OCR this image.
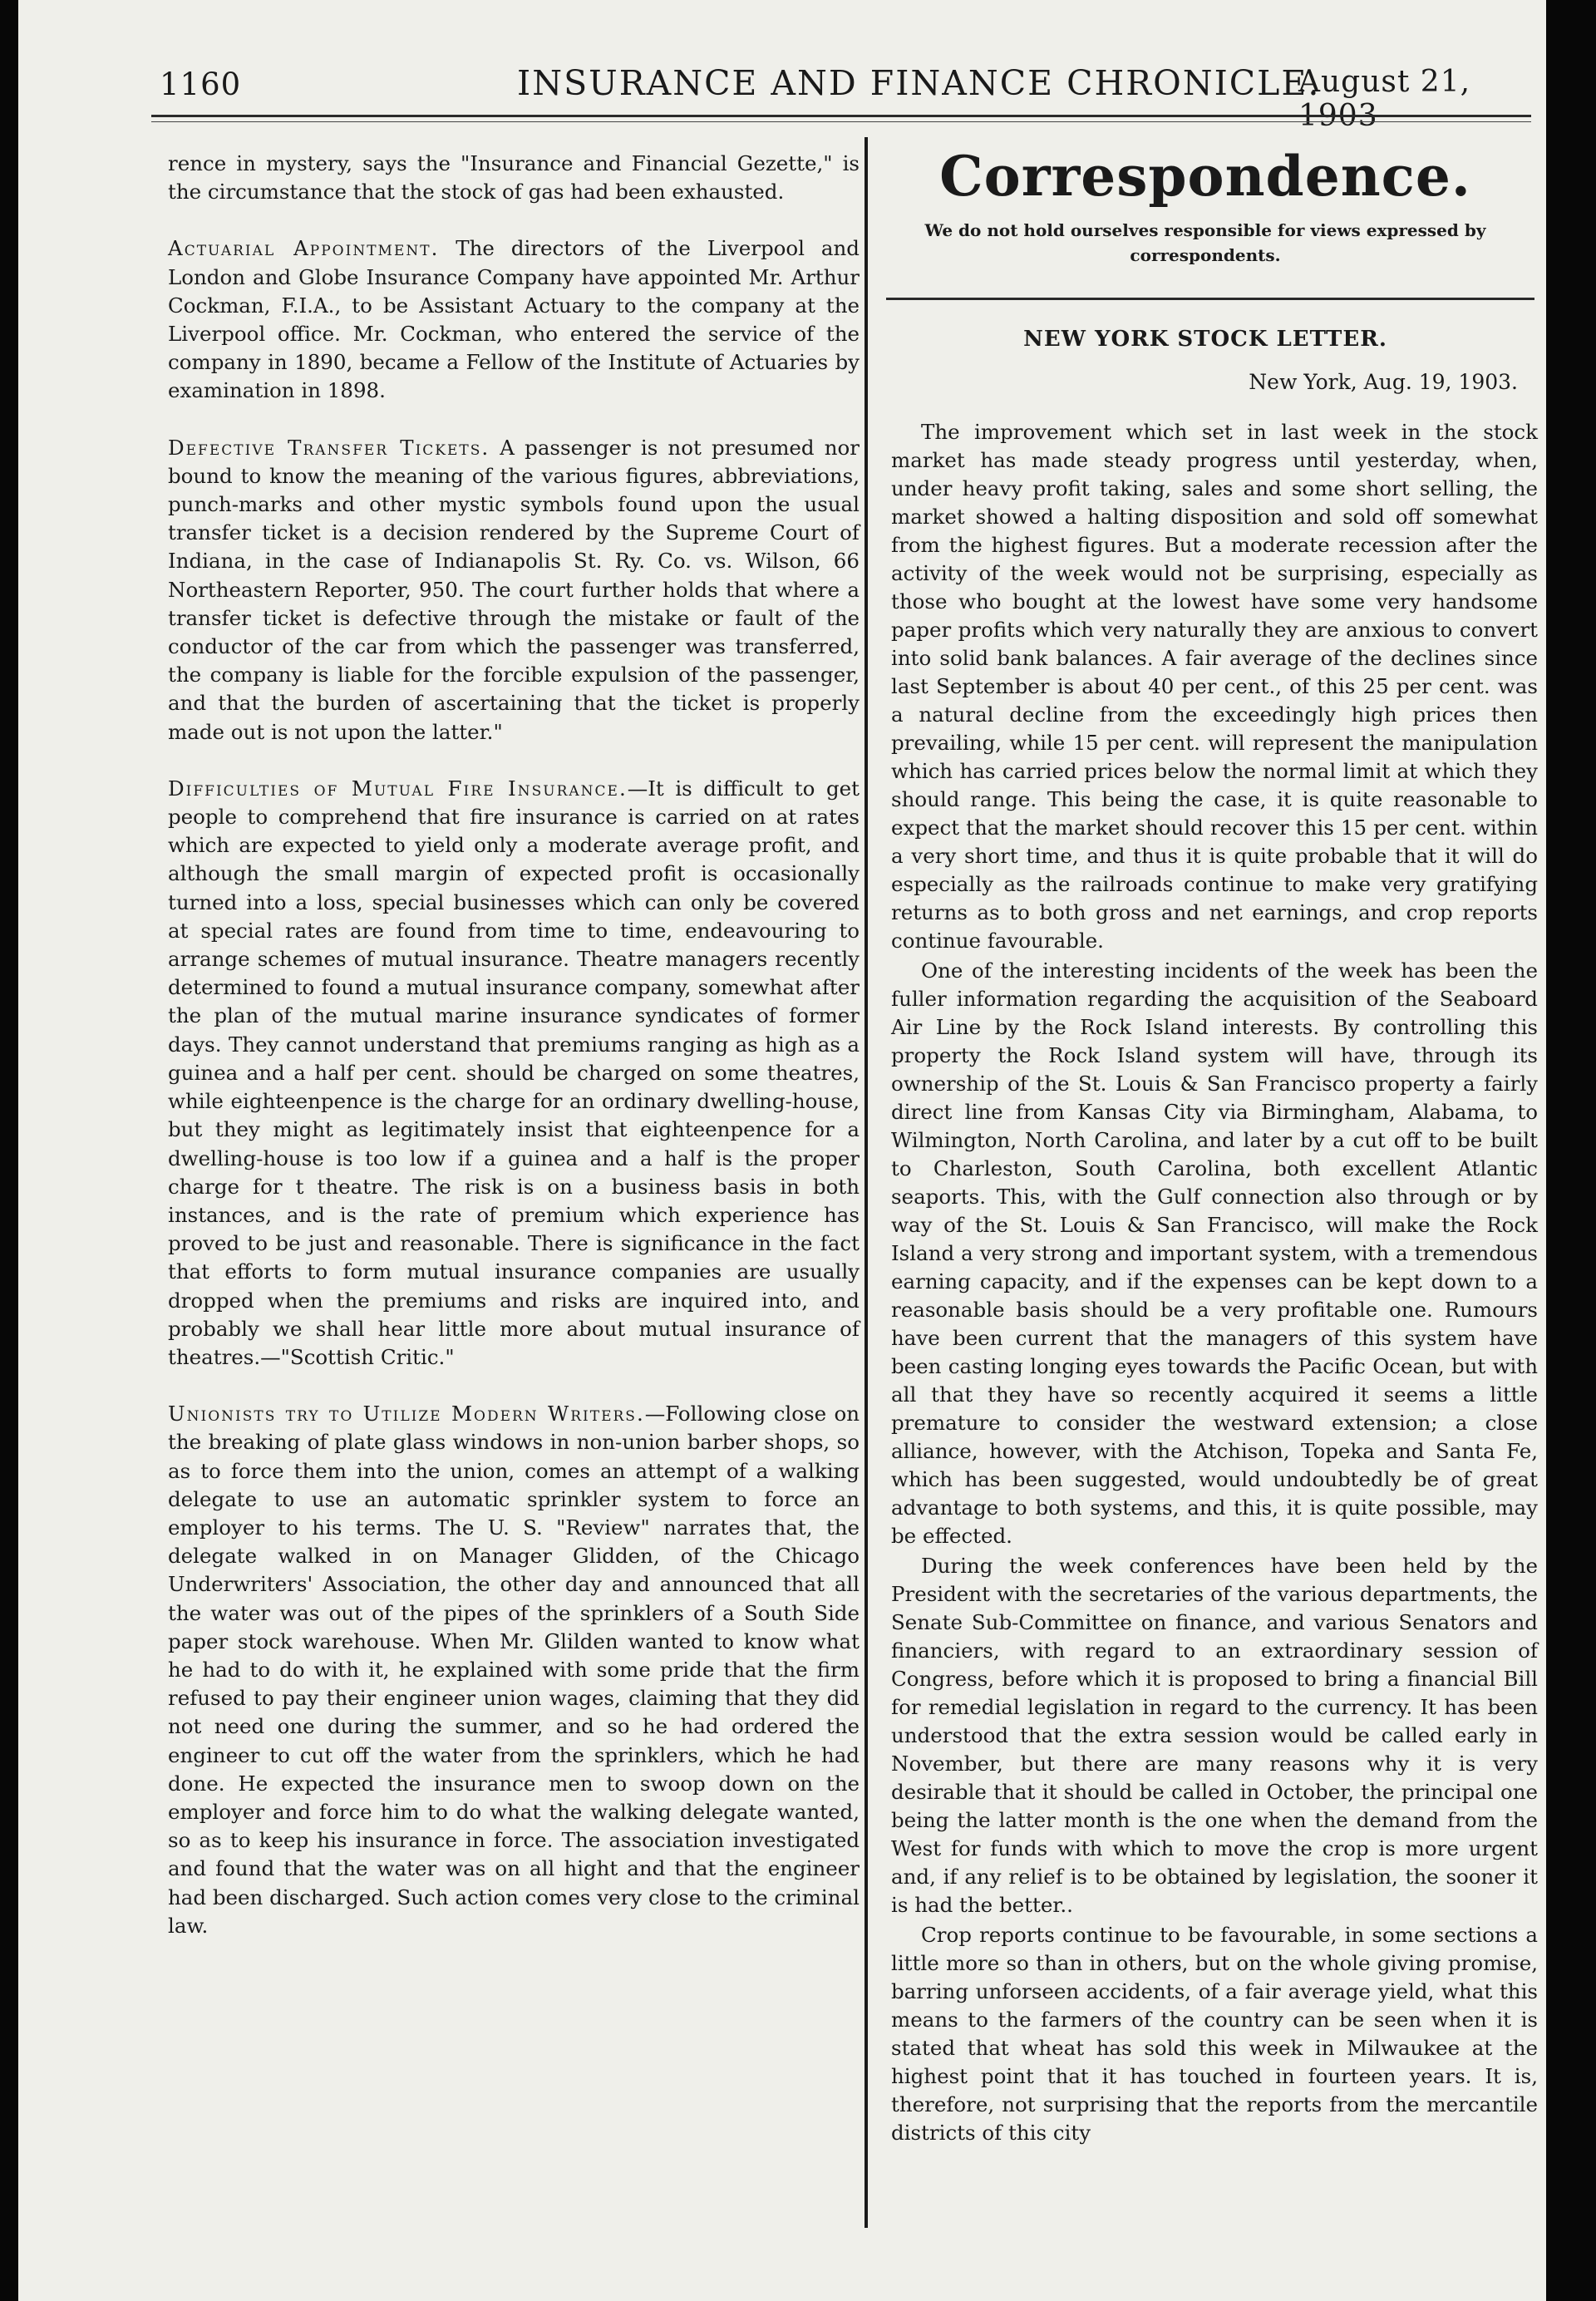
1160	INSURANCE AND FINANCE CHRONICLE.
August 21, 1903

rence in mystery, says the "Insurance and Financial Gezette," is the circumstance that the stock of gas had been exhausted.

Actuarial Appointment. The directors of the Liverpool and London and Globe Insurance Company have appointed Mr. Arthur Cockman, F.I.A., to be Assistant Actuary to the company at the Liverpool office. Mr. Cockman, who entered the service of the company in 1890, became a Fellow of the Institute of Actuaries by examination in 1898.

Defective Transfer Tickets. A passenger is not presumed nor bound to know the meaning of the various figures, abbreviations, punch-marks and other mystic symbols found upon the usual transfer ticket is a decision rendered by the Supreme Court of Indiana, in the case of Indianapolis St. Ry. Co. vs. Wilson, 66 Northeastern Reporter, 950. The court further holds that where a transfer ticket is defective through the mistake or fault of the conductor of the car from which the passenger was transferred, the company is liable for the forcible expulsion of the passenger, and that the burden of ascertaining that the ticket is properly made out is not upon the latter."

Difficulties of Mutual Fire Insurance.—It is difficult to get people to comprehend that fire insurance is carried on at rates which are expected to yield only a moderate average profit, and although the small margin of expected profit is occasionally turned into a loss, special businesses which can only be covered at special rates are found from time to time, endeavouring to arrange schemes of mutual insurance. Theatre managers recently determined to found a mutual insurance company, somewhat after the plan of the mutual marine insurance syndicates of former days. They cannot understand that premiums ranging as high as a guinea and a half per cent. should be charged on some theatres, while eighteenpence is the charge for an ordinary dwelling-house, but they might as legitimately insist that eighteenpence for a dwelling-house is too low if a guinea and a half is the proper charge for t theatre. The risk is on a business basis in both instances, and is the rate of premium which experience has proved to be just and reasonable. There is significance in the fact that efforts to form mutual insurance companies are usually dropped when the premiums and risks are inquired into, and probably we shall hear little more about mutual insurance of theatres.—"Scottish Critic."

Unionists try to Utilize Modern Writers.—Following close on the breaking of plate glass windows in non-union barber shops, so as to force them into the union, comes an attempt of a walking delegate to use an automatic sprinkler system to force an employer to his terms. The U. S. "Review" narrates that, the delegate walked in on Manager Glidden, of the Chicago Underwriters' Association, the other day and announced that all the water was out of the pipes of the sprinklers of a South Side paper stock warehouse. When Mr. Glilden wanted to know what he had to do with it, he explained with some pride that the firm refused to pay their engineer union wages, claiming that they did not need one during the summer, and so he had ordered the engineer to cut off the water from the sprinklers, which he had done. He expected the insurance men to swoop down on the employer and force him to do what the walking delegate wanted, so as to keep his insurance in force. The association investigated and found that the water was on all hight and that the engineer had been discharged. Such action comes very close to the criminal law.

Correspondence.
We do not hold ourselves responsible for views expressed by correspondents.
NEW YORK STOCK LETTER.
New York, Aug. 19, 1903.

The improvement which set in last week in the stock market has made steady progress until yesterday, when, under heavy profit taking, sales and some short selling, the market showed a halting disposition and sold off somewhat from the highest figures. But a moderate recession after the activity of the week would not be surprising, especially as those who bought at the lowest have some very handsome paper profits which very naturally they are anxious to convert into solid bank balances. A fair average of the declines since last September is about 40 per cent., of this 25 per cent. was a natural decline from the exceedingly high prices then prevailing, while 15 per cent. will represent the manipulation which has carried prices below the normal limit at which they should range. This being the case, it is quite reasonable to expect that the market should recover this 15 per cent. within a very short time, and thus it is quite probable that it will do especially as the railroads continue to make very gratifying returns as to both gross and net earnings, and crop reports continue favourable.

One of the interesting incidents of the week has been the fuller information regarding the acquisition of the Seaboard Air Line by the Rock Island interests. By controlling this property the Rock Island system will have, through its ownership of the St. Louis & San Francisco property a fairly direct line from Kansas City via Birmingham, Alabama, to Wilmington, North Carolina, and later by a cut off to be built to Charleston, South Carolina, both excellent Atlantic seaports. This, with the Gulf connection also through or by way of the St. Louis & San Francisco, will make the Rock Island a very strong and important system, with a tremendous earning capacity, and if the expenses can be kept down to a reasonable basis should be a very profitable one. Rumours have been current that the managers of this system have been casting longing eyes towards the Pacific Ocean, but with all that they have so recently acquired it seems a little premature to consider the westward extension; a close alliance, however, with the Atchison, Topeka and Santa Fe, which has been suggested, would undoubtedly be of great advantage to both systems, and this, it is quite possible, may be effected.

During the week conferences have been held by the President with the secretaries of the various departments, the Senate Sub-Committee on finance, and various Senators and financiers, with regard to an extraordinary session of Congress, before which it is proposed to bring a financial Bill for remedial legislation in regard to the currency. It has been understood that the extra session would be called early in November, but there are many reasons why it is very desirable that it should be called in October, the principal one being the latter month is the one when the demand from the West for funds with which to move the crop is more urgent and, if any relief is to be obtained by legislation, the sooner it is had the better..

Crop reports continue to be favourable, in some sections a little more so than in others, but on the whole giving promise, barring unforseen accidents, of a fair average yield, what this means to the farmers of the country can be seen when it is stated that wheat has sold this week in Milwaukee at the highest point that it has touched in fourteen years. It is, therefore, not surprising that the reports from the mercantile districts of this city
